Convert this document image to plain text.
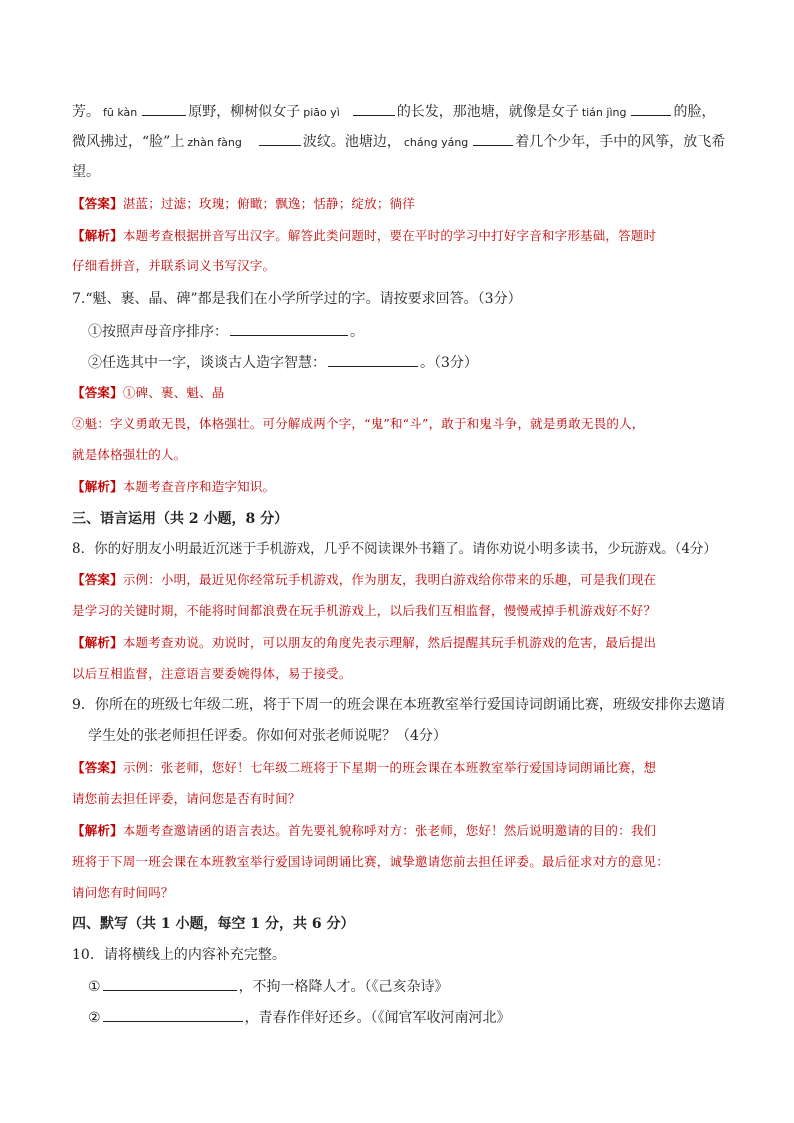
芳。 fū kàn	原野，柳树似女子 piāo yì	的长发，那池塘，就像是女子 tián jìng	的脸，
微风拂过，“脸”上 zhàn fàng	波纹。池塘边， cháng yáng	着几个少年，手中的风筝，放飞希
望。
【答案】湛蓝；过滤；玫瑰；俯瞰；飘逸；恬静；绽放；徜徉
【解析】本题考查根据拼音写出汉字。解答此类问题时，要在平时的学习中打好字音和字形基础，答题时
仔细看拼音，并联系词义书写汉字。
7.“魁、裹、晶、碑”都是我们在小学所学过的字。请按要求回答。（3分）
①按照声母音序排序：	。
②任选其中一字，谈谈古人造字智慧：	。（3分）
【答案】①碑、裹、魁、晶
②魁：字义勇敢无畏，体格强壮。可分解成两个字，“鬼”和“斗”，敢于和鬼斗争，就是勇敢无畏的人，
就是体格强壮的人。
【解析】本题考查音序和造字知识。
三、语言运用（共 2 小题，8 分）
8．你的好朋友小明最近沉迷于手机游戏，几乎不阅读课外书籍了。请你劝说小明多读书，少玩游戏。（4分）
【答案】示例：小明，最近见你经常玩手机游戏，作为朋友，我明白游戏给你带来的乐趣，可是我们现在
是学习的关键时期，不能将时间都浪费在玩手机游戏上，以后我们互相监督，慢慢戒掉手机游戏好不好？
【解析】本题考查劝说。劝说时，可以朋友的角度先表示理解，然后提醒其玩手机游戏的危害，最后提出
以后互相监督，注意语言要委婉得体，易于接受。
9．你所在的班级七年级二班，将于下周一的班会课在本班教室举行爱国诗词朗诵比赛，班级安排你去邀请
学生处的张老师担任评委。你如何对张老师说呢？（4分）
【答案】示例：张老师，您好！七年级二班将于下星期一的班会课在本班教室举行爱国诗词朗诵比赛，想
请您前去担任评委，请问您是否有时间？
【解析】本题考查邀请函的语言表达。首先要礼貌称呼对方：张老师，您好！然后说明邀请的目的：我们
班将于下周一班会课在本班教室举行爱国诗词朗诵比赛，诚挚邀请您前去担任评委。最后征求对方的意见：
请问您有时间吗？
四、默写（共 1 小题，每空 1 分，共 6 分）
10．请将横线上的内容补充完整。
①	，不拘一格降人才。（《己亥杂诗》
②	，青春作伴好还乡。（《闻官军收河南河北》
